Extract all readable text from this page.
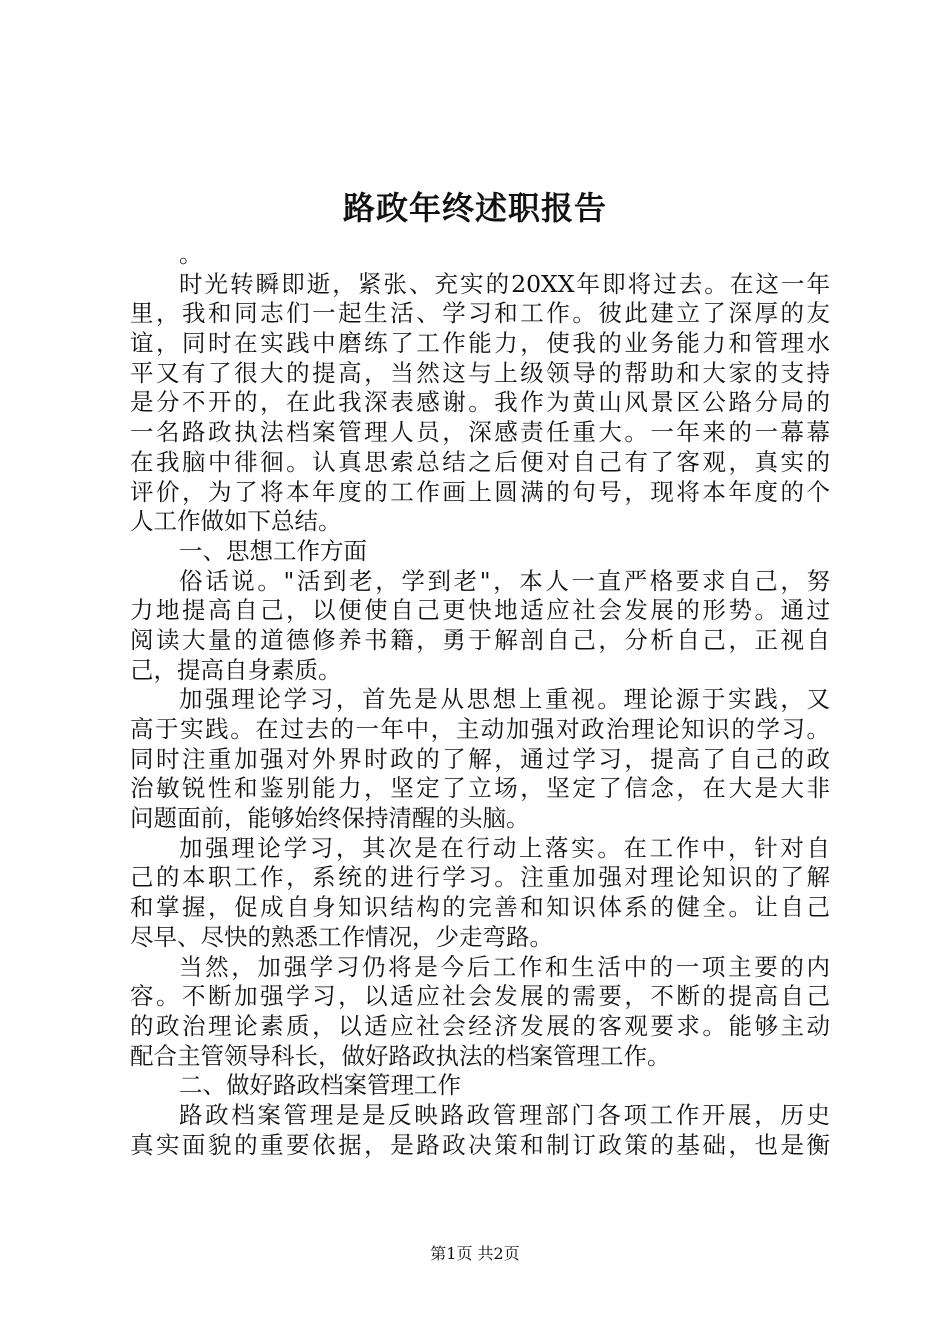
路政年终述职报告
。
时光转瞬即逝，紧张、充实的20XX年即将过去。在这一年
里，我和同志们一起生活、学习和工作。彼此建立了深厚的友
谊，同时在实践中磨练了工作能力，使我的业务能力和管理水
平又有了很大的提高，当然这与上级领导的帮助和大家的支持
是分不开的，在此我深表感谢。我作为黄山风景区公路分局的
一名路政执法档案管理人员，深感责任重大。一年来的一幕幕
在我脑中徘徊。认真思索总结之后便对自己有了客观，真实的
评价，为了将本年度的工作画上圆满的句号，现将本年度的个
人工作做如下总结。
一、思想工作方面
俗话说。"活到老，学到老"，本人一直严格要求自己，努
力地提高自己，以便使自己更快地适应社会发展的形势。通过
阅读大量的道德修养书籍，勇于解剖自己，分析自己，正视自
己，提高自身素质。
加强理论学习，首先是从思想上重视。理论源于实践，又
高于实践。在过去的一年中，主动加强对政治理论知识的学习。
同时注重加强对外界时政的了解，通过学习，提高了自己的政
治敏锐性和鉴别能力，坚定了立场，坚定了信念，在大是大非
问题面前，能够始终保持清醒的头脑。
加强理论学习，其次是在行动上落实。在工作中，针对自
己的本职工作，系统的进行学习。注重加强对理论知识的了解
和掌握，促成自身知识结构的完善和知识体系的健全。让自己
尽早、尽快的熟悉工作情况，少走弯路。
当然，加强学习仍将是今后工作和生活中的一项主要的内
容。不断加强学习，以适应社会发展的需要，不断的提高自己
的政治理论素质，以适应社会经济发展的客观要求。能够主动
配合主管领导科长，做好路政执法的档案管理工作。
二、做好路政档案管理工作
路政档案管理是是反映路政管理部门各项工作开展，历史
真实面貌的重要依据，是路政决策和制订政策的基础，也是衡
第1页 共2页
